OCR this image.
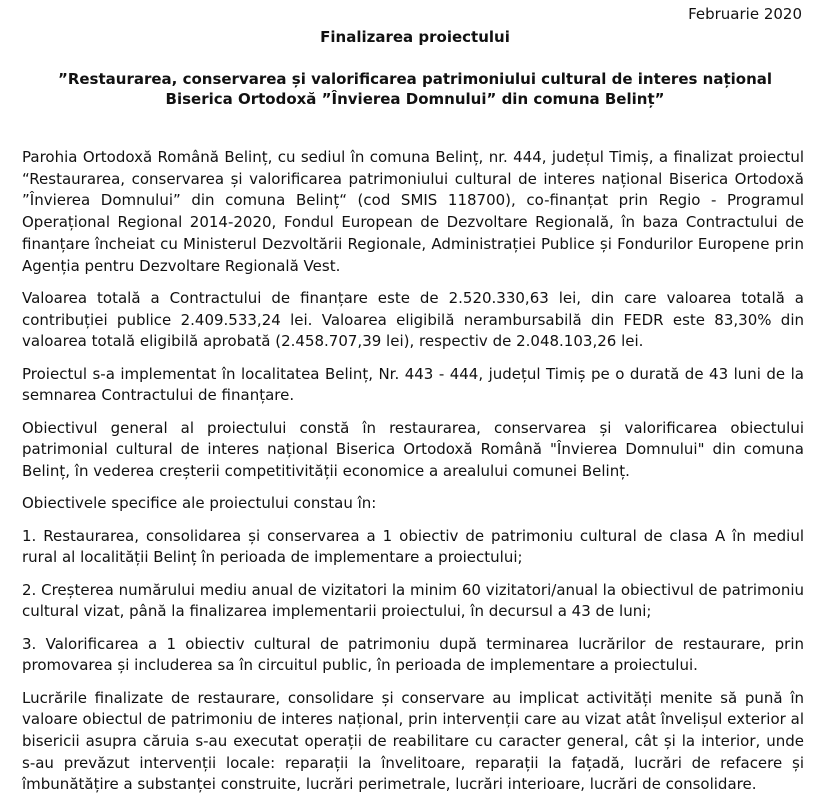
Februarie 2020
Finalizarea proiectului
”Restaurarea, conservarea și valorificarea patrimoniului cultural de interes național Biserica Ortodoxă ”Învierea Domnului” din comuna Belinț”

Parohia Ortodoxă Română Belinț, cu sediul în comuna Belinț, nr. 444, județul Timiș, a finalizat proiectul “Restaurarea, conservarea și valorificarea patrimoniului cultural de interes național Biserica Ortodoxă ”Învierea Domnului” din comuna Belinț“ (cod SMIS 118700), co-finanțat prin Regio - Programul Operațional Regional 2014-2020, Fondul European de Dezvoltare Regională, în baza Contractului de finanțare încheiat cu Ministerul Dezvoltării Regionale, Administrației Publice și Fondurilor Europene prin Agenția pentru Dezvoltare Regională Vest.

Valoarea totală a Contractului de finanțare este de 2.520.330,63 lei, din care valoarea totală a contribuției publice 2.409.533,24 lei. Valoarea eligibilă nerambursabilă din FEDR este 83,30% din valoarea totală eligibilă aprobată (2.458.707,39 lei), respectiv de 2.048.103,26 lei.

Proiectul s-a implementat în localitatea Belinț, Nr. 443 - 444, județul Timiș pe o durată de 43 luni de la semnarea Contractului de finanțare.

Obiectivul general al proiectului constă în restaurarea, conservarea și valorificarea obiectului patrimonial cultural de interes național Biserica Ortodoxă Română "Învierea Domnului" din comuna Belinț, în vederea creșterii competitivității economice a arealului comunei Belinț.

Obiectivele specifice ale proiectului constau în:

1. Restaurarea, consolidarea și conservarea a 1 obiectiv de patrimoniu cultural de clasa A în mediul rural al localității Belinț în perioada de implementare a proiectului;

2. Creșterea numărului mediu anual de vizitatori la minim 60 vizitatori/anual la obiectivul de patrimoniu cultural vizat, până la finalizarea implementarii proiectului, în decursul a 43 de luni;

3. Valorificarea a 1 obiectiv cultural de patrimoniu după terminarea lucrărilor de restaurare, prin promovarea și includerea sa în circuitul public, în perioada de implementare a proiectului.

Lucrările finalizate de restaurare, consolidare și conservare au implicat activități menite să pună în valoare obiectul de patrimoniu de interes național, prin intervenții care au vizat atât învelișul exterior al bisericii asupra căruia s-au executat operații de reabilitare cu caracter general, cât și la interior, unde s-au prevăzut intervenții locale: reparații la învelitoare, reparații la fațadă, lucrări de refacere și îmbunătățire a substanței construite, lucrări perimetrale, lucrări interioare, lucrări de consolidare.
